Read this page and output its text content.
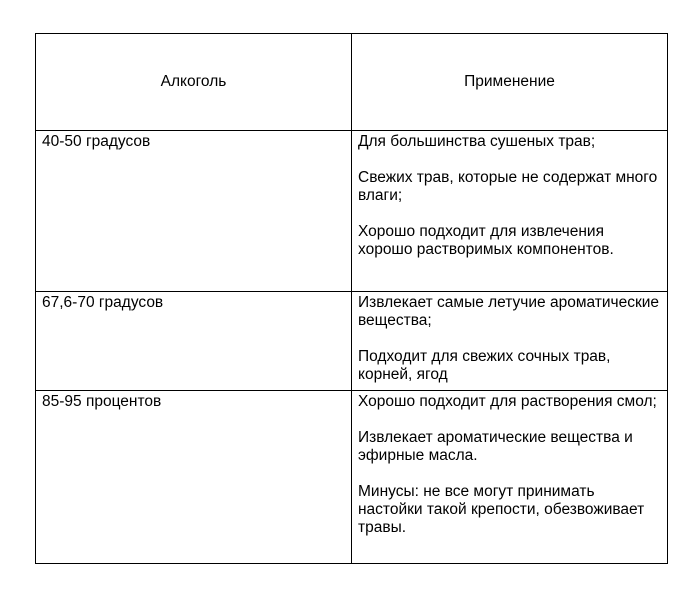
Алкоголь	Применение
40-50 градусов	Для большинства сушеных трав;
Свежих трав, которые не содержат много влаги;
Хорошо подходит для извлечения хорошо растворимых компонентов.

67,6-70 градусов	Извлекает самые летучие ароматические вещества;
Подходит для свежих сочных трав, корней, ягод

85-95 процентов	Хорошо подходит для растворения смол;
Извлекает ароматические вещества и эфирные масла.
Минусы: не все могут принимать настойки такой крепости, обезвоживает травы.
